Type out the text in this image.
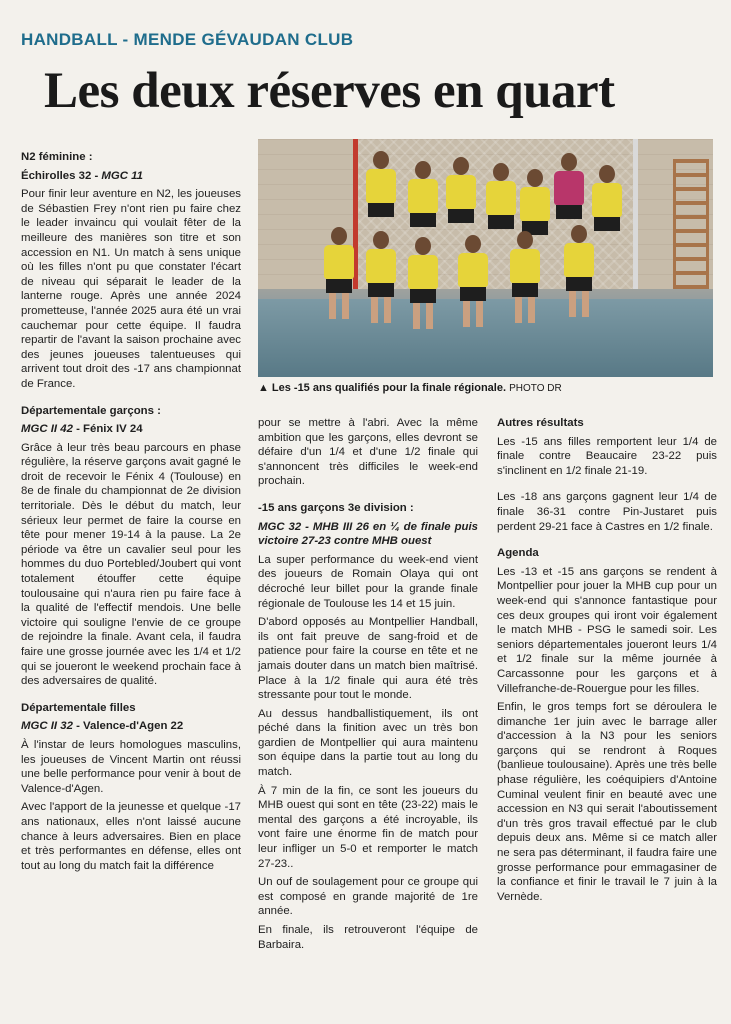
HANDBALL - MENDE GÉVAUDAN CLUB
Les deux réserves en quart

N2 féminine :

Échirolles 32 - MGC 11

Pour finir leur aventure en N2, les joueuses de Sébastien Frey n'ont rien pu faire chez le leader invaincu qui voulait fêter de la meilleure des manières son titre et son accession en N1. Un match à sens unique où les filles n'ont pu que constater l'écart de niveau qui séparait le leader de la lanterne rouge. Après une année 2024 prometteuse, l'année 2025 aura été un vrai cauchemar pour cette équipe. Il faudra repartir de l'avant la saison prochaine avec des jeunes joueuses talentueuses qui arrivent tout droit des -17 ans championnat de France.

Départementale garçons :

MGC II 42 - Fénix IV 24

Grâce à leur très beau parcours en phase régulière, la réserve garçons avait gagné le droit de recevoir le Fénix 4 (Toulouse) en 8e de finale du championnat de 2e division territoriale. Dès le début du match, leur sérieux leur permet de faire la course en tête pour mener 19-14 à la pause. La 2e période va être un cavalier seul pour les hommes du duo Portebled/Joubert qui vont totalement étouffer cette équipe toulousaine qui n'aura rien pu faire face à la qualité de l'effectif mendois. Une belle victoire qui souligne l'envie de ce groupe de rejoindre la finale. Avant cela, il faudra faire une grosse journée avec les 1/4 et 1/2 qui se joueront le weekend prochain face à des adversaires de qualité.

Départementale filles

MGC II 32 - Valence-d'Agen 22

À l'instar de leurs homologues masculins, les joueuses de Vincent Martin ont réussi une belle performance pour venir à bout de Valence-d'Agen.

Avec l'apport de la jeunesse et quelque -17 ans nationaux, elles n'ont laissé aucune chance à leurs adversaires. Bien en place et très performantes en défense, elles ont tout au long du match fait la différence

▲ Les -15 ans qualifiés pour la finale régionale. PHOTO DR

pour se mettre à l'abri. Avec la même ambition que les garçons, elles devront se défaire d'un 1/4 et d'une 1/2 finale qui s'annoncent très difficiles le week-end prochain.

-15 ans garçons 3e division :

MGC 32 - MHB III 26 en ¼ de finale puis victoire 27-23 contre MHB ouest

La super performance du week-end vient des joueurs de Romain Olaya qui ont décroché leur billet pour la grande finale régionale de Toulouse les 14 et 15 juin.

D'abord opposés au Montpellier Handball, ils ont fait preuve de sang-froid et de patience pour faire la course en tête et ne jamais douter dans un match bien maîtrisé. Place à la 1/2 finale qui aura été très stressante pour tout le monde.

Au dessus handballistiquement, ils ont péché dans la finition avec un très bon gardien de Montpellier qui aura maintenu son équipe dans la partie tout au long du match.

À 7 min de la fin, ce sont les joueurs du MHB ouest qui sont en tête (23-22) mais le mental des garçons a été incroyable, ils vont faire une énorme fin de match pour leur infliger un 5-0 et remporter le match 27-23..

Un ouf de soulagement pour ce groupe qui est composé en grande majorité de 1re année.

En finale, ils retrouveront l'équipe de Barbaira.

Autres résultats

Les -15 ans filles remportent leur 1/4 de finale contre Beaucaire 23-22 puis s'inclinent en 1/2 finale 21-19.

Les -18 ans garçons gagnent leur 1/4 de finale 36-31 contre Pin-Justaret puis perdent 29-21 face à Castres en 1/2 finale.

Agenda

Les -13 et -15 ans garçons se rendent à Montpellier pour jouer la MHB cup pour un week-end qui s'annonce fantastique pour ces deux groupes qui iront voir également le match MHB - PSG le samedi soir. Les seniors départementales joueront leurs 1/4 et 1/2 finale sur la même journée à Carcassonne pour les garçons et à Villefranche-de-Rouergue pour les filles.

Enfin, le gros temps fort se déroulera le dimanche 1er juin avec le barrage aller d'accession à la N3 pour les seniors garçons qui se rendront à Roques (banlieue toulousaine). Après une très belle phase régulière, les coéquipiers d'Antoine Cuminal veulent finir en beauté avec une accession en N3 qui serait l'aboutissement d'un très gros travail effectué par le club depuis deux ans. Même si ce match aller ne sera pas déterminant, il faudra faire une grosse performance pour emmagasiner de la confiance et finir le travail le 7 juin à la Vernède.
